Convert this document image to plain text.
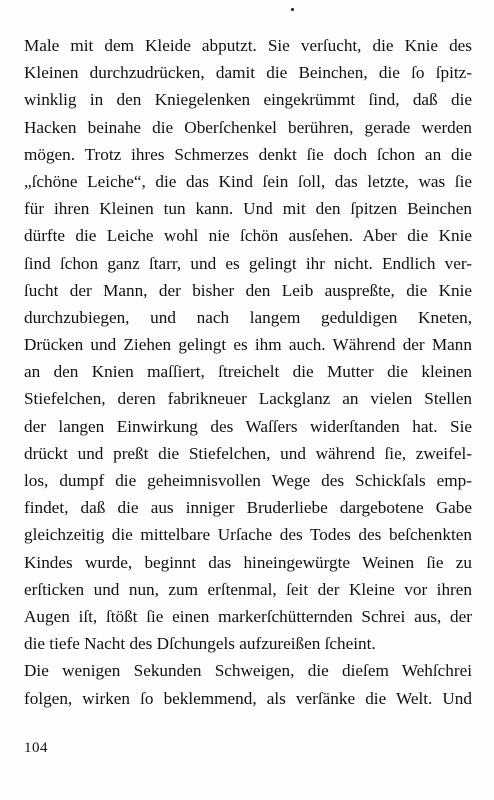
Male mit dem Kleide abputzt. Sie verſucht, die Knie des
Kleinen durchzudrücken, damit die Beinchen, die ſo ſpitz-
winklig in den Kniegelenken eingekrümmt ſind, daß die
Hacken beinahe die Oberſchenkel berühren, gerade werden
mögen. Trotz ihres Schmerzes denkt ſie doch ſchon an die
„ſchöne Leiche“, die das Kind ſein ſoll, das letzte, was ſie
für ihren Kleinen tun kann. Und mit den ſpitzen Beinchen
dürfte die Leiche wohl nie ſchön ausſehen. Aber die Knie
ſind ſchon ganz ſtarr, und es gelingt ihr nicht. Endlich ver-
ſucht der Mann, der bisher den Leib auspreßte, die Knie
durchzubiegen, und nach langem geduldigen Kneten,
Drücken und Ziehen gelingt es ihm auch. Während der Mann
an den Knien maſſiert, ſtreichelt die Mutter die kleinen
Stiefelchen, deren fabrikneuer Lackglanz an vielen Stellen
der langen Einwirkung des Waſſers widerſtanden hat. Sie
drückt und preßt die Stiefelchen, und während ſie, zweifel-
los, dumpf die geheimnisvollen Wege des Schickſals emp-
findet, daß die aus inniger Bruderliebe dargebotene Gabe
gleichzeitig die mittelbare Urſache des Todes des beſchenkten
Kindes wurde, beginnt das hineingewürgte Weinen ſie zu
erſticken und nun, zum erſtenmal, ſeit der Kleine vor ihren
Augen iſt, ſtößt ſie einen markerſchütternden Schrei aus, der
die tiefe Nacht des Dſchungels aufzureißen ſcheint.
Die wenigen Sekunden Schweigen, die dieſem Wehſchrei
folgen, wirken ſo beklemmend, als verſänke die Welt. Und
104
